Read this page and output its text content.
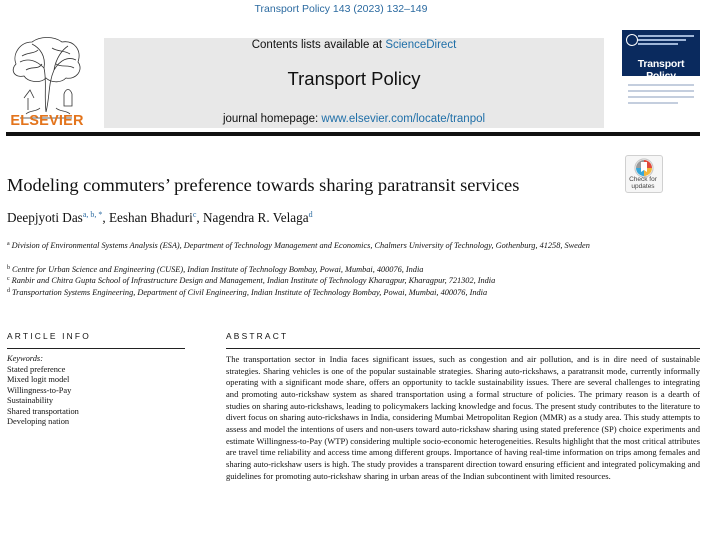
Transport Policy 143 (2023) 132–149
ELSEVIER
Contents lists available at ScienceDirect
Transport Policy
journal homepage: www.elsevier.com/locate/tranpol
Transport Policy
Check for updates
Modeling commuters’ preference towards sharing paratransit services
Deepjyoti Das$^{a, b, *}$, Eeshan Bhaduri$^c$, Nagendra R. Velaga$^d$
$^a$ Division of Environmental Systems Analysis (ESA), Department of Technology Management and Economics, Chalmers University of Technology, Gothenburg, 41258, Sweden
$^b$ Centre for Urban Science and Engineering (CUSE), Indian Institute of Technology Bombay, Powai, Mumbai, 400076, India
$^c$ Ranbir and Chitra Gupta School of Infrastructure Design and Management, Indian Institute of Technology Kharagpur, Kharagpur, 721302, India
$^d$ Transportation Systems Engineering, Department of Civil Engineering, Indian Institute of Technology Bombay, Powai, Mumbai, 400076, India
ARTICLE INFO	ABSTRACT
Keywords:
Stated preference
Mixed logit model
Willingness-to-Pay
Sustainability
Shared transportation
Developing nation
The transportation sector in India faces significant issues, such as congestion and air pollution, and is in dire need of sustainable strategies. Sharing vehicles is one of the popular sustainable strategies. Sharing auto-rickshaws, a paratransit mode, currently informally operating with a significant mode share, offers an opportunity to tackle sustainability issues. There are several challenges to integrating and promoting auto-rickshaw system as shared transportation using a formal structure of policies. The primary reason is a dearth of studies on sharing auto-rickshaws, leading to policymakers lacking knowledge and focus. The present study contributes to the literature to divert focus on sharing auto-rickshaws in India, considering Mumbai Metropolitan Region (MMR) as a study area. This study attempts to assess and model the intentions of users and non-users toward auto-rickshaw sharing using stated preference (SP) choice experiments and estimate Willingness-to-Pay (WTP) considering multiple socio-economic heterogeneities. Results highlight that the most critical attributes are travel time reliability and access time among different groups. Importance of having real-time information on trips among females and sharing auto-rickshaw users is high. The study provides a transparent direction toward ensuring efficient and integrated policymaking and guidelines for promoting auto-rickshaw sharing in urban areas of the Indian subcontinent with limited resources.
